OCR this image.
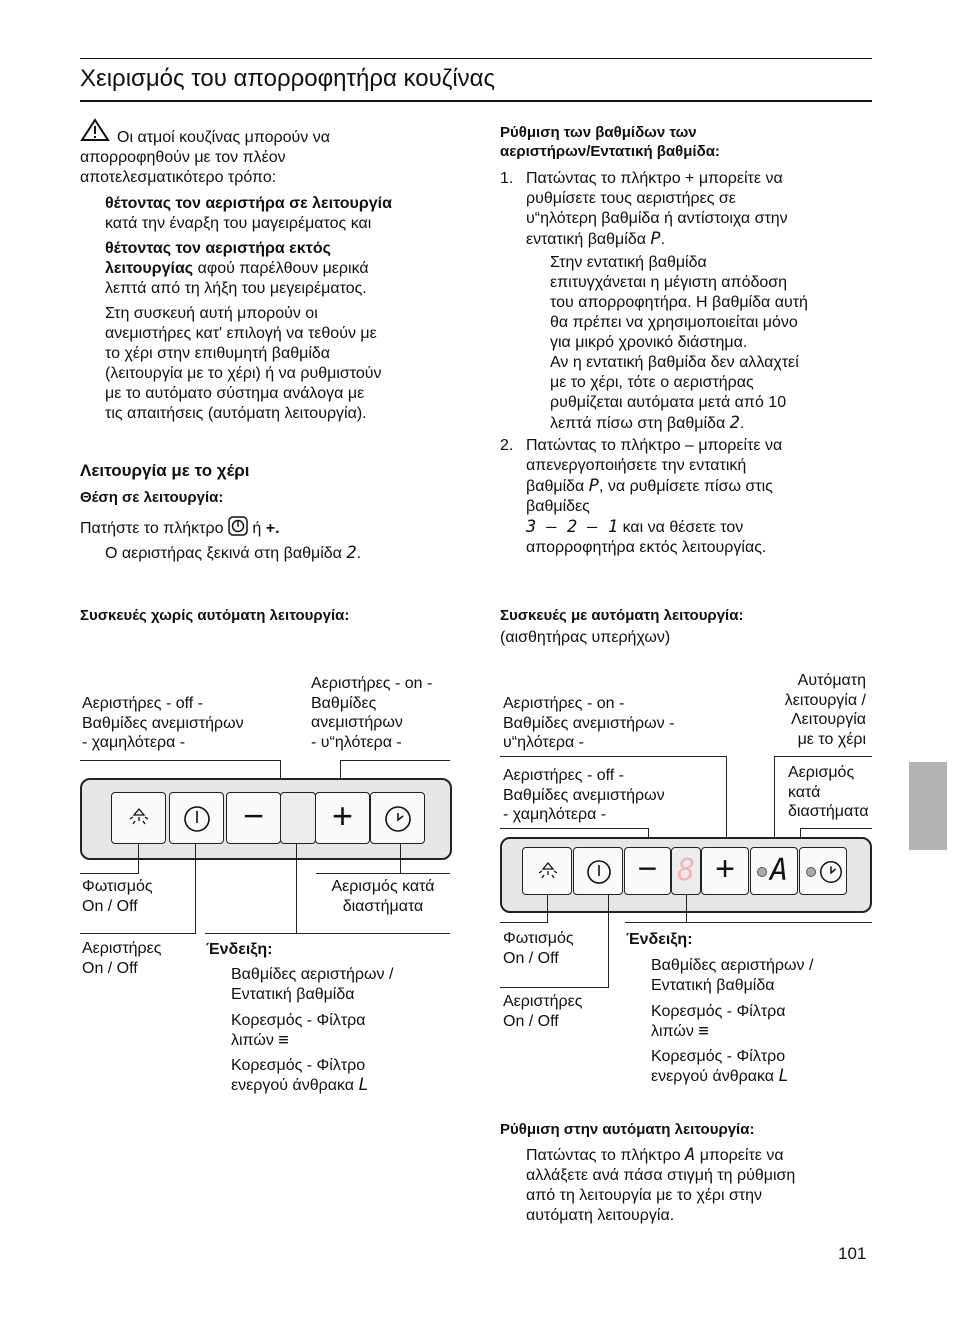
Χειρισμός του απορροφητήρα κουζίνας
Οι ατμοί κουζίνας μπορούν να
απορροφηθούν με τον πλέον
αποτελεσματικότερο τρόπο:
θέτοντας τον αεριστήρα σε λειτουργία
κατά την έναρξη του μαγειρέματος και
θέτοντας τον αεριστήρα εκτός
λειτουργίας αφού παρέλθουν μερικά
λεπτά από τη λήξη του μεγειρέματος.
Στη συσκευή αυτή μπορούν οι
ανεμιστήρες κατ' επιλογή να τεθούν με
το χέρι στην επιθυμητή βαθμίδα
(λειτουργία με το χέρι) ή να ρυθμιστούν
με το αυτόματο σύστημα ανάλογα με
τις απαιτήσεις (αυτόματη λειτουργία).
Λειτουργία με το χέρι
Θέση σε λειτουργία:
Πατήστε το πλήκτρο
ή +.
Ο αεριστήρας ξεκινά στη βαθμίδα 2.
Ρύθμιση των βαθμίδων των
αεριστήρων/Εντατική βαθμίδα:
1. Πατώντας το πλήκτρο + μπορείτε να
ρυθμίσετε τους αεριστήρες σε
υ“ηλότερη βαθμίδα ή αντίστοιχα στην
εντατική βαθμίδα P.
Στην εντατική βαθμίδα
επιτυγχάνεται η μέγιστη απόδοση
του απορροφητήρα. Η βαθμίδα αυτή
θα πρέπει να χρησιμοποιείται μόνο
για μικρό χρονικό διάστημα.
Αν η εντατική βαθμίδα δεν αλλαχτεί
με το χέρι, τότε ο αεριστήρας
ρυθμίζεται αυτόματα μετά από 10
λεπτά πίσω στη βαθμίδα 2.
2. Πατώντας το πλήκτρο – μπορείτε να
απενεργοποιήσετε την εντατική
βαθμίδα P, να ρυθμίσετε πίσω στις
βαθμίδες
3 – 2 – 1 και να θέσετε τον
απορροφητήρα εκτός λειτουργίας.
Συσκευές χωρίς αυτόματη λειτουργία:
Αεριστήρες - off -
Βαθμίδες ανεμιστήρων
- χαμηλότερα -
Αεριστήρες - on -
Βαθμίδες
ανεμιστήρων
- υ“ηλότερα -
−	+
Φωτισμός
On / Off
Αερισμός κατά
διαστήματα
Αεριστήρες
On / Off
Ένδειξη:
Βαθμίδες αεριστήρων /
Εντατική βαθμίδα
Κορεσμός - Φίλτρα
λιπών ≡
Κορεσμός - Φίλτρο
ενεργού άνθρακα L
Συσκευές με αυτόματη λειτουργία:
(αισθητήρας υπερήχων)
Αεριστήρες - on -
Βαθμίδες ανεμιστήρων -
υ“ηλότερα -
Αυτόματη
λειτουργία /
Λειτουργία
με το χέρι
Αεριστήρες - off -
Βαθμίδες ανεμιστήρων
- χαμηλότερα -
Αερισμός
κατά
διαστήματα
− 8 +	A
Φωτισμός
On / Off
Αεριστήρες
On / Off
Ένδειξη:
Βαθμίδες αεριστήρων /
Εντατική βαθμίδα
Κορεσμός - Φίλτρα
λιπών ≡
Κορεσμός - Φίλτρο
ενεργού άνθρακα L
Ρύθμιση στην αυτόματη λειτουργία:
Πατώντας το πλήκτρο A μπορείτε να
αλλάξετε ανά πάσα στιγμή τη ρύθμιση
από τη λειτουργία με το χέρι στην
αυτόματη λειτουργία.
101
